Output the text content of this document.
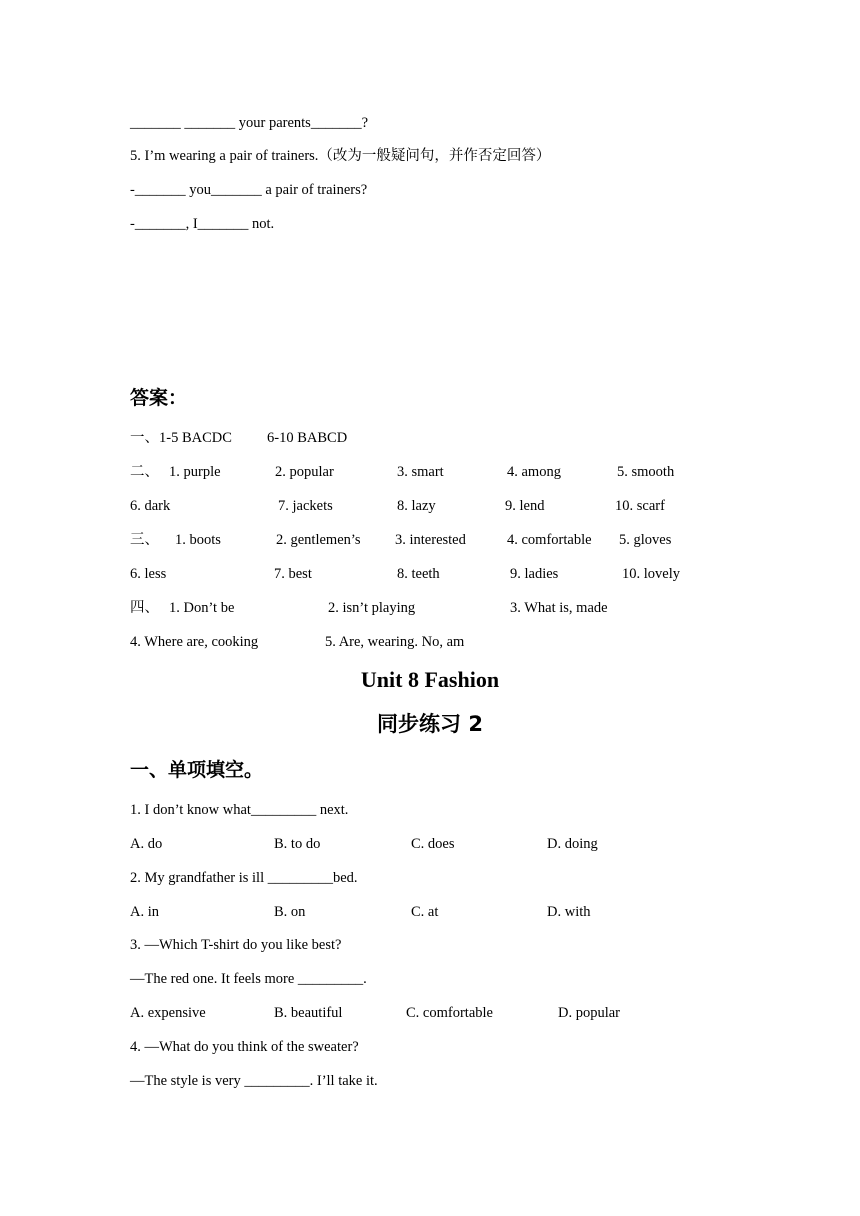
_______ _______ your parents_______?
5. I’m wearing a pair of trainers.（改为一般疑问句，并作否定回答）
-_______ you_______ a pair of trainers?
-_______, I_______ not.
答案：
一、1-5 BACDC 6-10 BABCD
二、 1. purple	2. popular	3. smart	4. among	5. smooth
6. dark	7. jackets	8. lazy	9. lend	10. scarf
三、 1. boots	2. gentlemen’s 3. interested	4. comfortable 5. gloves
6. less	7. best	8. teeth	9. ladies	10. lovely
四、 1. Don’t be	2. isn’t playing	3. What is, made
4. Where are, cooking	5. Are, wearing. No, am
Unit 8 Fashion
同步练习 2
一、单项填空。
1. I don’t know what_________ next.
A. do	B. to do	C. does	D. doing
2. My grandfather is ill _________bed.
A. in	B. on	C. at	D. with
3. —Which T-shirt do you like best?
—The red one. It feels more _________.
A. expensive	B. beautiful	C. comfortable	D. popular
4. —What do you think of the sweater?
—The style is very _________. I’ll take it.
